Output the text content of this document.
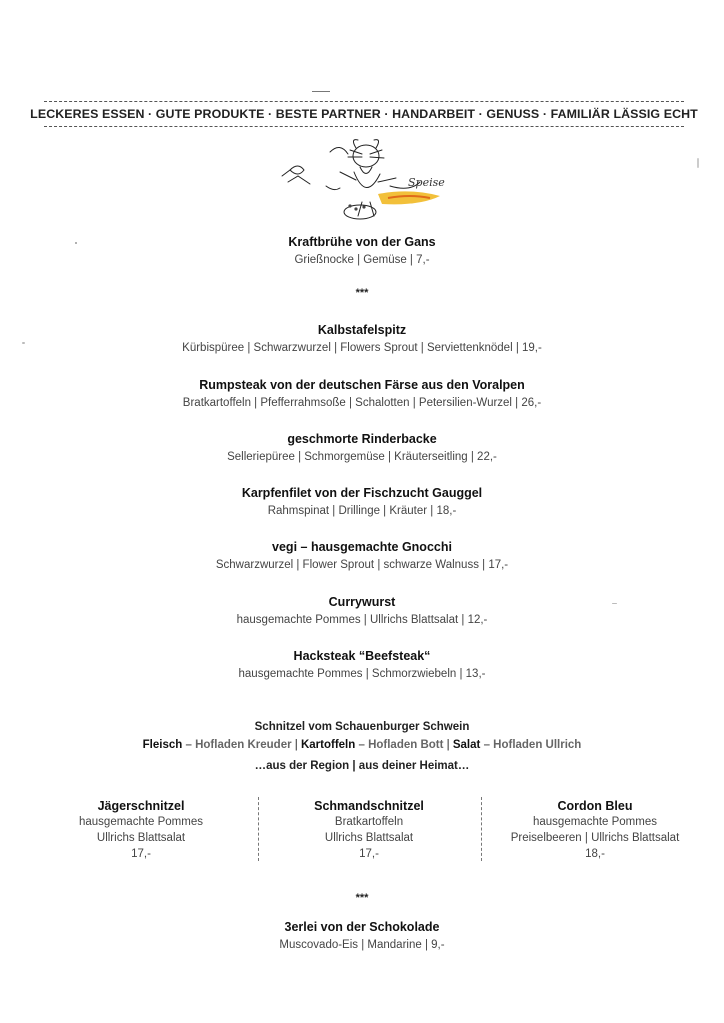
LECKERES ESSEN · GUTE PRODUKTE · BESTE PARTNER · HANDARBEIT · GENUSS · FAMILIÄR LÄSSIG ECHT
Speise
Kraftbrühe von der Gans
Grießnocke | Gemüse | 7,-
***
Kalbstafelspitz
Kürbispüree | Schwarzwurzel | Flowers Sprout | Serviettenknödel | 19,-
Rumpsteak von der deutschen Färse aus den Voralpen
Bratkartoffeln | Pfefferrahmsoße | Schalotten | Petersilien-Wurzel | 26,-
geschmorte Rinderbacke
Selleriepüree | Schmorgemüse | Kräuterseitling | 22,-
Karpfenfilet von der Fischzucht Gauggel
Rahmspinat | Drillinge | Kräuter | 18,-
vegi – hausgemachte Gnocchi
Schwarzwurzel | Flower Sprout | schwarze Walnuss | 17,-
Currywurst
hausgemachte Pommes | Ullrichs Blattsalat | 12,-
Hacksteak “Beefsteak“
hausgemachte Pommes | Schmorzwiebeln | 13,-
Schnitzel vom Schauenburger Schwein
Fleisch – Hofladen Kreuder | Kartoffeln – Hofladen Bott | Salat – Hofladen Ullrich
…aus der Region | aus deiner Heimat…
Jägerschnitzel
hausgemachte Pommes
Ullrichs Blattsalat
17,-
Schmandschnitzel
Bratkartoffeln
Ullrichs Blattsalat
17,-
Cordon Bleu
hausgemachte Pommes
Preiselbeeren | Ullrichs Blattsalat
18,-
***
3erlei von der Schokolade
Muscovado-Eis | Mandarine | 9,-
